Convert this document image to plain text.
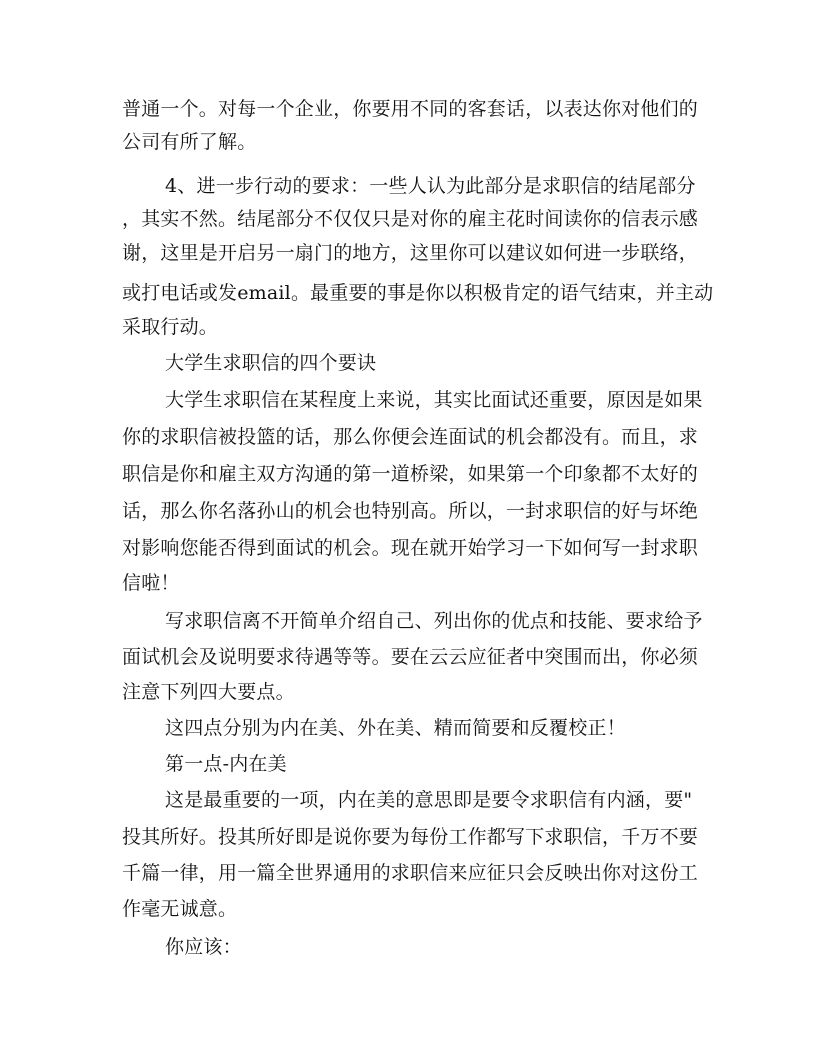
普通一个。对每一个企业，你要用不同的客套话，以表达你对他们的
公司有所了解。
4、进一步行动的要求：一些人认为此部分是求职信的结尾部分
，其实不然。结尾部分不仅仅只是对你的雇主花时间读你的信表示感
谢，这里是开启另一扇门的地方，这里你可以建议如何进一步联络，
或打电话或发email。最重要的事是你以积极肯定的语气结束，并主动
采取行动。
大学生求职信的四个要诀
大学生求职信在某程度上来说，其实比面试还重要，原因是如果
你的求职信被投篮的话，那么你便会连面试的机会都没有。而且，求
职信是你和雇主双方沟通的第一道桥梁，如果第一个印象都不太好的
话，那么你名落孙山的机会也特别高。所以，一封求职信的好与坏绝
对影响您能否得到面试的机会。现在就开始学习一下如何写一封求职
信啦！
写求职信离不开简单介绍自己、列出你的优点和技能、要求给予
面试机会及说明要求待遇等等。要在云云应征者中突围而出，你必须
注意下列四大要点。
这四点分别为内在美、外在美、精而简要和反覆校正！
第一点-内在美
这是最重要的一项，内在美的意思即是要令求职信有内涵，要"
投其所好。投其所好即是说你要为每份工作都写下求职信，千万不要
千篇一律，用一篇全世界通用的求职信来应征只会反映出你对这份工
作毫无诚意。
你应该：
